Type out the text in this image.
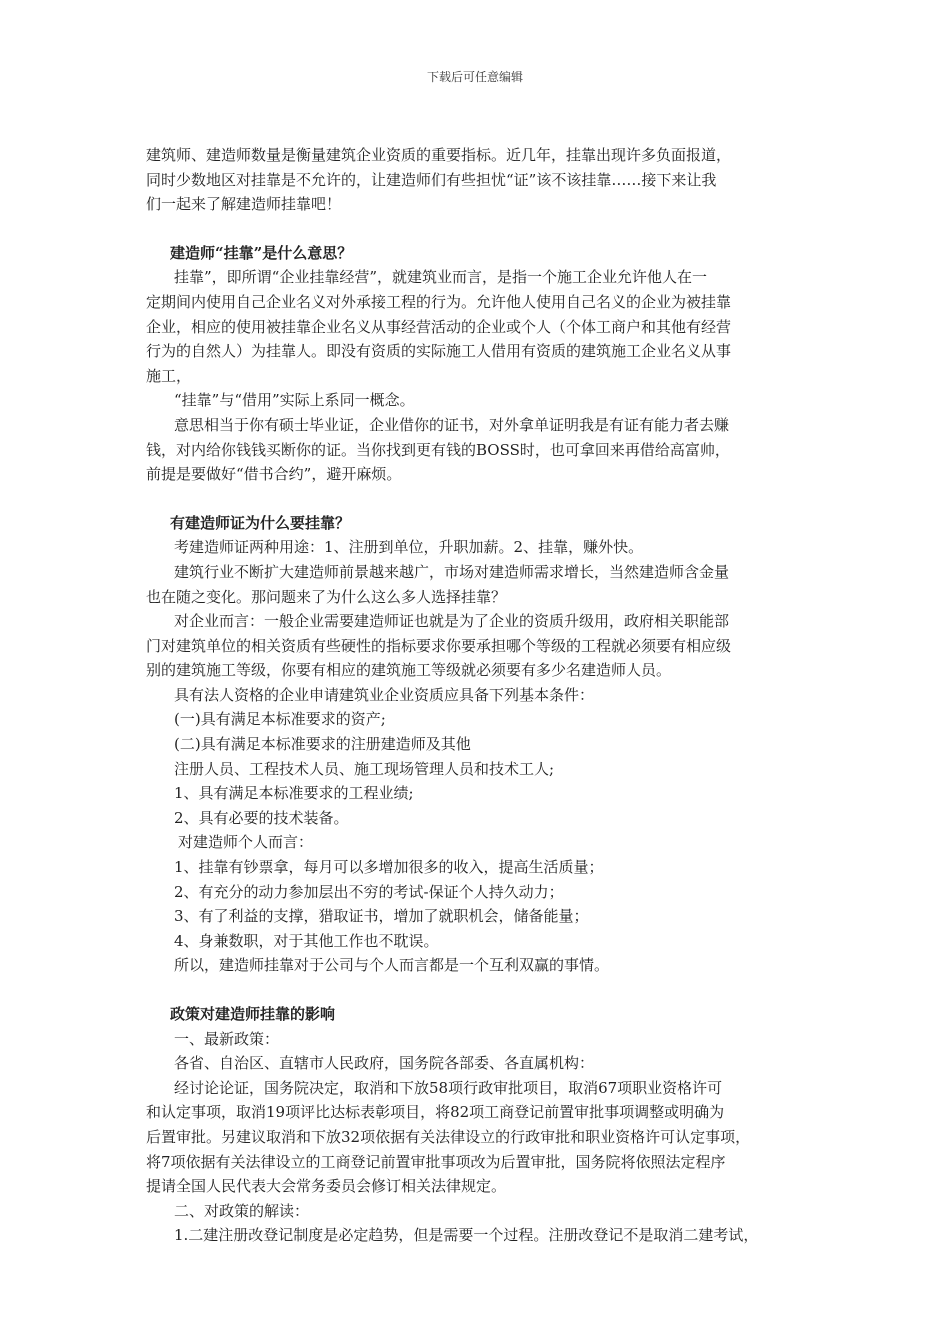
下载后可任意编辑

建筑师、建造师数量是衡量建筑企业资质的重要指标。近几年，挂靠出现许多负面报道，

同时少数地区对挂靠是不允许的，让建造师们有些担忧“证”该不该挂靠……接下来让我

们一起来了解建造师挂靠吧！

建造师“挂靠”是什么意思？

挂靠”，即所谓“企业挂靠经营”，就建筑业而言，是指一个施工企业允许他人在一

定期间内使用自己企业名义对外承接工程的行为。允许他人使用自己名义的企业为被挂靠

企业，相应的使用被挂靠企业名义从事经营活动的企业或个人（个体工商户和其他有经营

行为的自然人）为挂靠人。即没有资质的实际施工人借用有资质的建筑施工企业名义从事

施工，
“挂靠”与“借用”实际上系同一概念。

意思相当于你有硕士毕业证，企业借你的证书，对外拿单证明我是有证有能力者去赚

钱，对内给你钱钱买断你的证。当你找到更有钱的BOSS时，也可拿回来再借给高富帅，

前提是要做好“借书合约”，避开麻烦。

有建造师证为什么要挂靠？

考建造师证两种用途：1、注册到单位，升职加薪。2、挂靠，赚外快。

建筑行业不断扩大建造师前景越来越广，市场对建造师需求增长，当然建造师含金量

也在随之变化。那问题来了为什么这么多人选择挂靠？

对企业而言：一般企业需要建造师证也就是为了企业的资质升级用，政府相关职能部

门对建筑单位的相关资质有些硬性的指标要求你要承担哪个等级的工程就必须要有相应级

别的建筑施工等级，你要有相应的建筑施工等级就必须要有多少名建造师人员。

具有法人资格的企业申请建筑业企业资质应具备下列基本条件：

(一)具有满足本标准要求的资产;

(二)具有满足本标准要求的注册建造师及其他

注册人员、工程技术人员、施工现场管理人员和技术工人;

1、具有满足本标准要求的工程业绩;

2、具有必要的技术装备。

对建造师个人而言：

1、挂靠有钞票拿，每月可以多增加很多的收入，提高生活质量；

2、有充分的动力参加层出不穷的考试-保证个人持久动力；

3、有了利益的支撑，猎取证书，增加了就职机会，储备能量；

4、身兼数职，对于其他工作也不耽误。

所以，建造师挂靠对于公司与个人而言都是一个互利双赢的事情。

政策对建造师挂靠的影响

一、最新政策：

各省、自治区、直辖市人民政府，国务院各部委、各直属机构：

经讨论论证，国务院决定，取消和下放58项行政审批项目，取消67项职业资格许可

和认定事项，取消19项评比达标表彰项目，将82项工商登记前置审批事项调整或明确为

后置审批。另建议取消和下放32项依据有关法律设立的行政审批和职业资格许可认定事项，

将7项依据有关法律设立的工商登记前置审批事项改为后置审批，国务院将依照法定程序

提请全国人民代表大会常务委员会修订相关法律规定。

二、对政策的解读：

1.二建注册改登记制度是必定趋势，但是需要一个过程。注册改登记不是取消二建考试，
